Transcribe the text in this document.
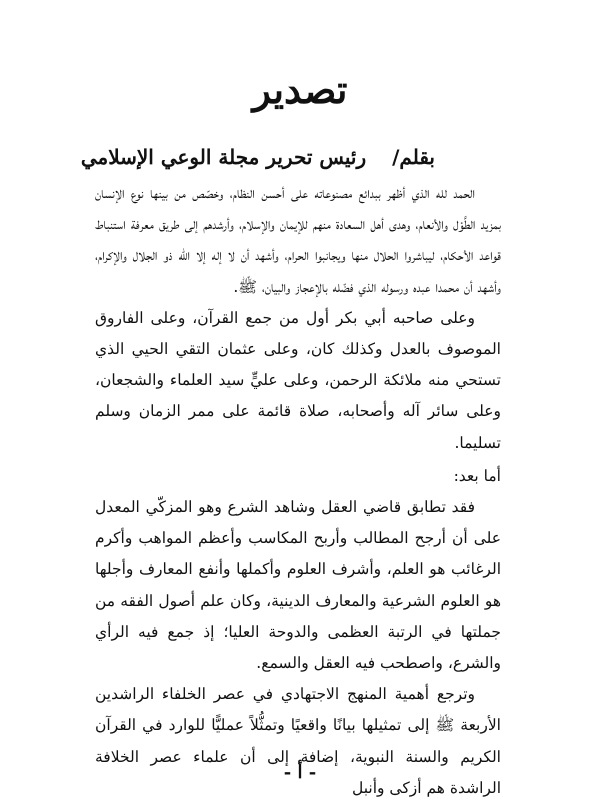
تصدير
بقلم/  رئيس تحرير مجلة الوعي الإسلامي

الحمد لله الذي أظهر ببدائع مصنوعاته على أحسن النظام، وخصّص من بينها نوع الإنسان بمزيد الطَّوْل والأنعام، وهدى أهل السعادة منهم للإيمان والإسلام، وأرشدهم إلى طريق معرفة استنباط قواعد الأحكام، ليباشروا الحلال منها ويجانبوا الحرام، وأشهد أن لا إله إلا الله ذو الجلال والإكرام، وأشهد أن محمدا عبده ورسوله الذي فضّله بالإعجاز والبيان، ﷺ.

وعلى صاحبه أبي بكر أول من جمع القرآن، وعلى الفاروق الموصوف بالعدل وكذلك كان، وعلى عثمان التقي الحيي الذي تستحي منه ملائكة الرحمن، وعلى عليٍّ سيد العلماء والشجعان، وعلى سائر آله وأصحابه، صلاة قائمة على ممر الزمان وسلم تسليما.

أما بعد:

فقد تطابق قاضي العقل وشاهد الشرع وهو المزكّي المعدل على أن أرجح المطالب وأربح المكاسب وأعظم المواهب وأكرم الرغائب هو العلم، وأشرف العلوم وأكملها وأنفع المعارف وأجلها هو العلوم الشرعية والمعارف الدينية، وكان علم أصول الفقه من جملتها في الرتبة العظمى والدوحة العليا؛ إذ جمع فيه الرأي والشرع، واصطحب فيه العقل والسمع.

وترجع أهمية المنهج الاجتهادي في عصر الخلفاء الراشدين الأربعة ﷺ إلى تمثيلها بيانًا واقعيًا وتمثُّلاً عمليًّا للوارد في القرآن الكريم والسنة النبوية، إضافة إلى أن علماء عصر الخلافة الراشدة هم أزكى وأنبل

- أ -
